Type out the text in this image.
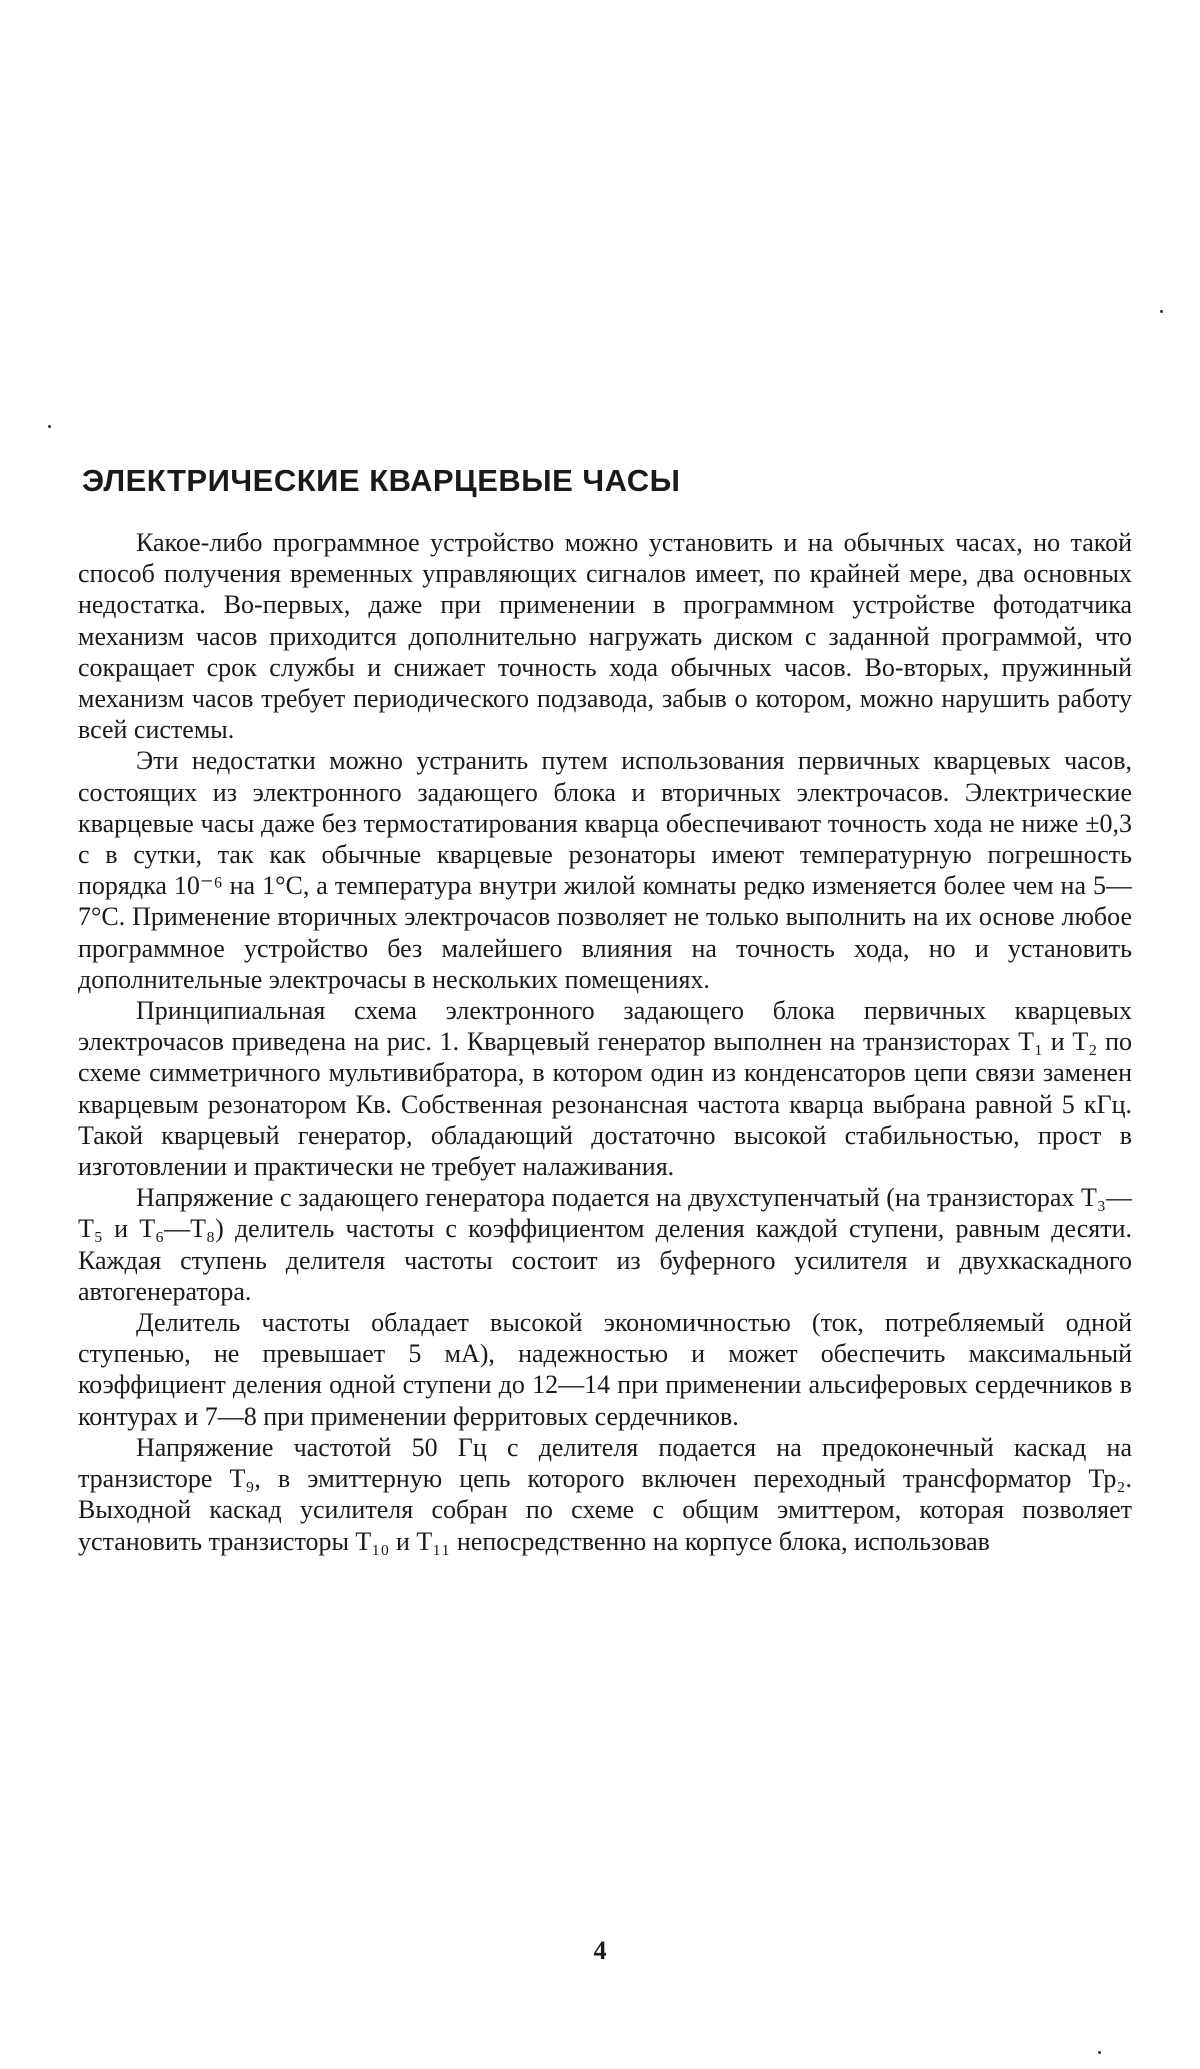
ЭЛЕКТРИЧЕСКИЕ КВАРЦЕВЫЕ ЧАСЫ

Какое-либо программное устройство можно установить и на обычных часах, но такой способ получения временных управляющих сигналов имеет, по крайней мере, два основных недостатка. Во-первых, даже при применении в программном устройстве фотодатчика механизм часов приходится дополнительно нагружать диском с заданной программой, что сокращает срок службы и снижает точность хода обычных часов. Во-вторых, пружинный механизм часов требует периодического подзавода, забыв о котором, можно нарушить работу всей системы.

Эти недостатки можно устранить путем использования первичных кварцевых часов, состоящих из электронного задающего блока и вторичных электрочасов. Электрические кварцевые часы даже без термостатирования кварца обеспечивают точность хода не ниже ±0,3 с в сутки, так как обычные кварцевые резонаторы имеют температурную погрешность порядка 10⁻⁶ на 1°С, а температура внутри жилой комнаты редко изменяется более чем на 5—7°С. Применение вторичных электрочасов позволяет не только выполнить на их основе любое программное устройство без малейшего влияния на точность хода, но и установить дополнительные электрочасы в нескольких помещениях.

Принципиальная схема электронного задающего блока первичных кварцевых электрочасов приведена на рис. 1. Кварцевый генератор выполнен на транзисторах T₁ и T₂ по схеме симметричного мультивибратора, в котором один из конденсаторов цепи связи заменен кварцевым резонатором Кв. Собственная резонансная частота кварца выбрана равной 5 кГц. Такой кварцевый генератор, обладающий достаточно высокой стабильностью, прост в изготовлении и практически не требует налаживания.

Напряжение с задающего генератора подается на двухступенчатый (на транзисторах T₃—T₅ и T₆—T₈) делитель частоты с коэффициентом деления каждой ступени, равным десяти. Каждая ступень делителя частоты состоит из буферного усилителя и двухкаскадного автогенератора.

Делитель частоты обладает высокой экономичностью (ток, потребляемый одной ступенью, не превышает 5 мА), надежностью и может обеспечить максимальный коэффициент деления одной ступени до 12—14 при применении альсиферовых сердечников в контурах и 7—8 при применении ферритовых сердечников.

Напряжение частотой 50 Гц с делителя подается на предоконечный каскад на транзисторе T₉, в эмиттерную цепь которого включен переходный трансформатор Тр₂. Выходной каскад усилителя собран по схеме с общим эмиттером, которая позволяет установить транзисторы T₁₀ и T₁₁ непосредственно на корпусе блока, использовав

4
